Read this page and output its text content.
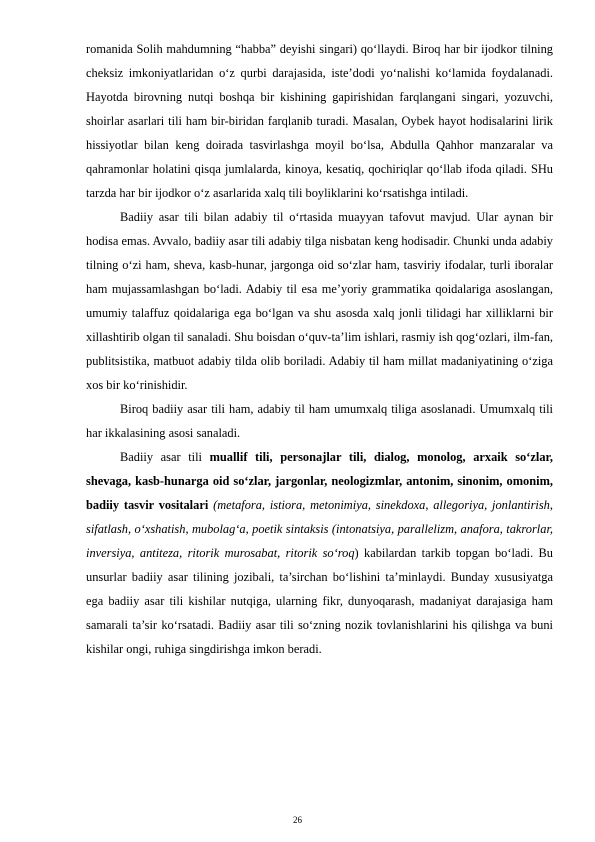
romanida Solih mahdumning “habba” deyishi singari) qo‘llaydi. Biroq har bir ijodkor tilning cheksiz imkoniyatlaridan o‘z qurbi darajasida, iste’dodi yo‘nalishi ko‘lamida foydalanadi. Hayotda birovning nutqi boshqa bir kishining gapirishidan farqlangani singari, yozuvchi, shoirlar asarlari tili ham bir-biridan farqlanib turadi. Masalan, Oybek hayot hodisalarini lirik hissiyotlar bilan keng doirada tasvirlashga moyil bo‘lsa, Abdulla Qahhor manzaralar va qahramonlar holatini qisqa jumlalarda, kinoya, kesatiq, qochiriqlar qo‘llab ifoda qiladi. SHu tarzda har bir ijodkor o‘z asarlarida xalq tili boyliklarini ko‘rsatishga intiladi.

Badiiy asar tili bilan adabiy til o‘rtasida muayyan tafovut mavjud. Ular aynan bir hodisa emas. Avvalo, badiiy asar tili adabiy tilga nisbatan keng hodisadir. Chunki unda adabiy tilning o‘zi ham, sheva, kasb-hunar, jargonga oid so‘zlar ham, tasviriy ifodalar, turli iboralar ham mujassamlashgan bo‘ladi. Adabiy til esa me’yoriy grammatika qoidalariga asoslangan, umumiy talaffuz qoidalariga ega bo‘lgan va shu asosda xalq jonli tilidagi har xilliklarni bir xillashtirib olgan til sanaladi. Shu boisdan o‘quv-ta’lim ishlari, rasmiy ish qog‘ozlari, ilm-fan, publitsistika, matbuot adabiy tilda olib boriladi. Adabiy til ham millat madaniyatining o‘ziga xos bir ko‘rinishidir.

Biroq badiiy asar tili ham, adabiy til ham umumxalq tiliga asoslanadi. Umumxalq tili har ikkalasining asosi sanaladi.

Badiiy asar tili muallif tili, personajlar tili, dialog, monolog, arxaik so‘zlar, shevaga, kasb-hunarga oid so‘zlar, jargonlar, neologizmlar, antonim, sinonim, omonim, badiiy tasvir vositalari (metafora, istiora, metonimiya, sinekdoxa, allegoriya, jonlantirish, sifatlash, o‘xshatish, mubolag‘a, poetik sintaksis (intonatsiya, parallelizm, anafora, takrorlar, inversiya, antiteza, ritorik murosabat, ritorik so‘roq) kabilardan tarkib topgan bo‘ladi. Bu unsurlar badiiy asar tilining jozibali, ta’sirchan bo‘lishini ta’minlaydi. Bunday xususiyatga ega badiiy asar tili kishilar nutqiga, ularning fikr, dunyoqarash, madaniyat darajasiga ham samarali ta’sir ko‘rsatadi. Badiiy asar tili so‘zning nozik tovlanishlarini his qilishga va buni kishilar ongi, ruhiga singdirishga imkon beradi.

26
